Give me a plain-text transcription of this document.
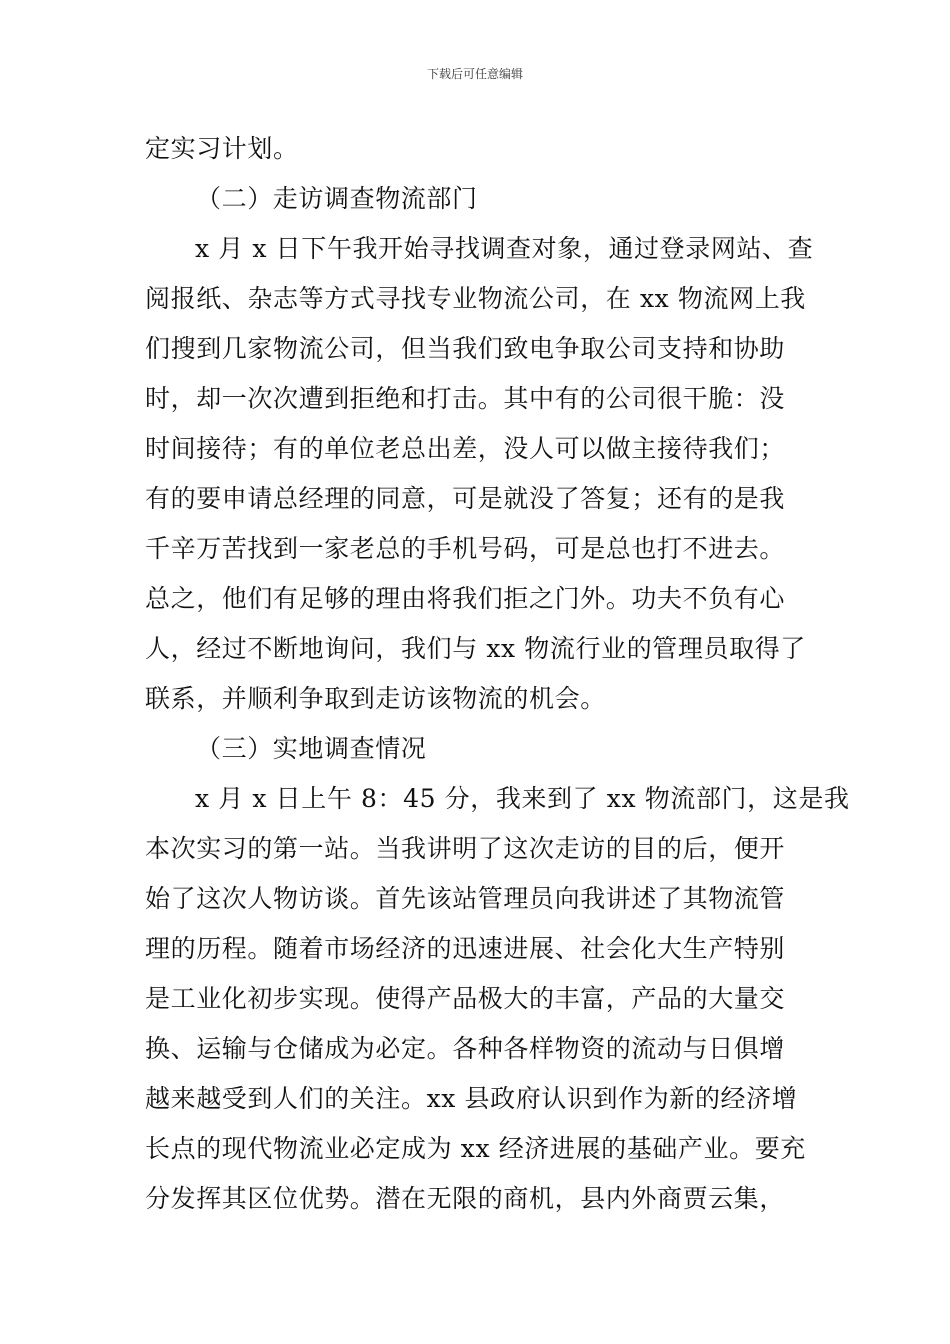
下载后可任意编辑
定实习计划。
（二）走访调查物流部门
x 月 x 日下午我开始寻找调查对象，通过登录网站、查
阅报纸、杂志等方式寻找专业物流公司，在 xx 物流网上我
们搜到几家物流公司，但当我们致电争取公司支持和协助
时，却一次次遭到拒绝和打击。其中有的公司很干脆：没
时间接待；有的单位老总出差，没人可以做主接待我们；
有的要申请总经理的同意，可是就没了答复；还有的是我
千辛万苦找到一家老总的手机号码，可是总也打不进去。
总之，他们有足够的理由将我们拒之门外。功夫不负有心
人，经过不断地询问，我们与 xx 物流行业的管理员取得了
联系，并顺利争取到走访该物流的机会。
（三）实地调查情况
x 月 x 日上午 8：45 分，我来到了 xx 物流部门，这是我
本次实习的第一站。当我讲明了这次走访的目的后，便开
始了这次人物访谈。首先该站管理员向我讲述了其物流管
理的历程。随着市场经济的迅速进展、社会化大生产特别
是工业化初步实现。使得产品极大的丰富，产品的大量交
换、运输与仓储成为必定。各种各样物资的流动与日俱增
越来越受到人们的关注。xx 县政府认识到作为新的经济增
长点的现代物流业必定成为 xx 经济进展的基础产业。要充
分发挥其区位优势。潜在无限的商机，县内外商贾云集，
